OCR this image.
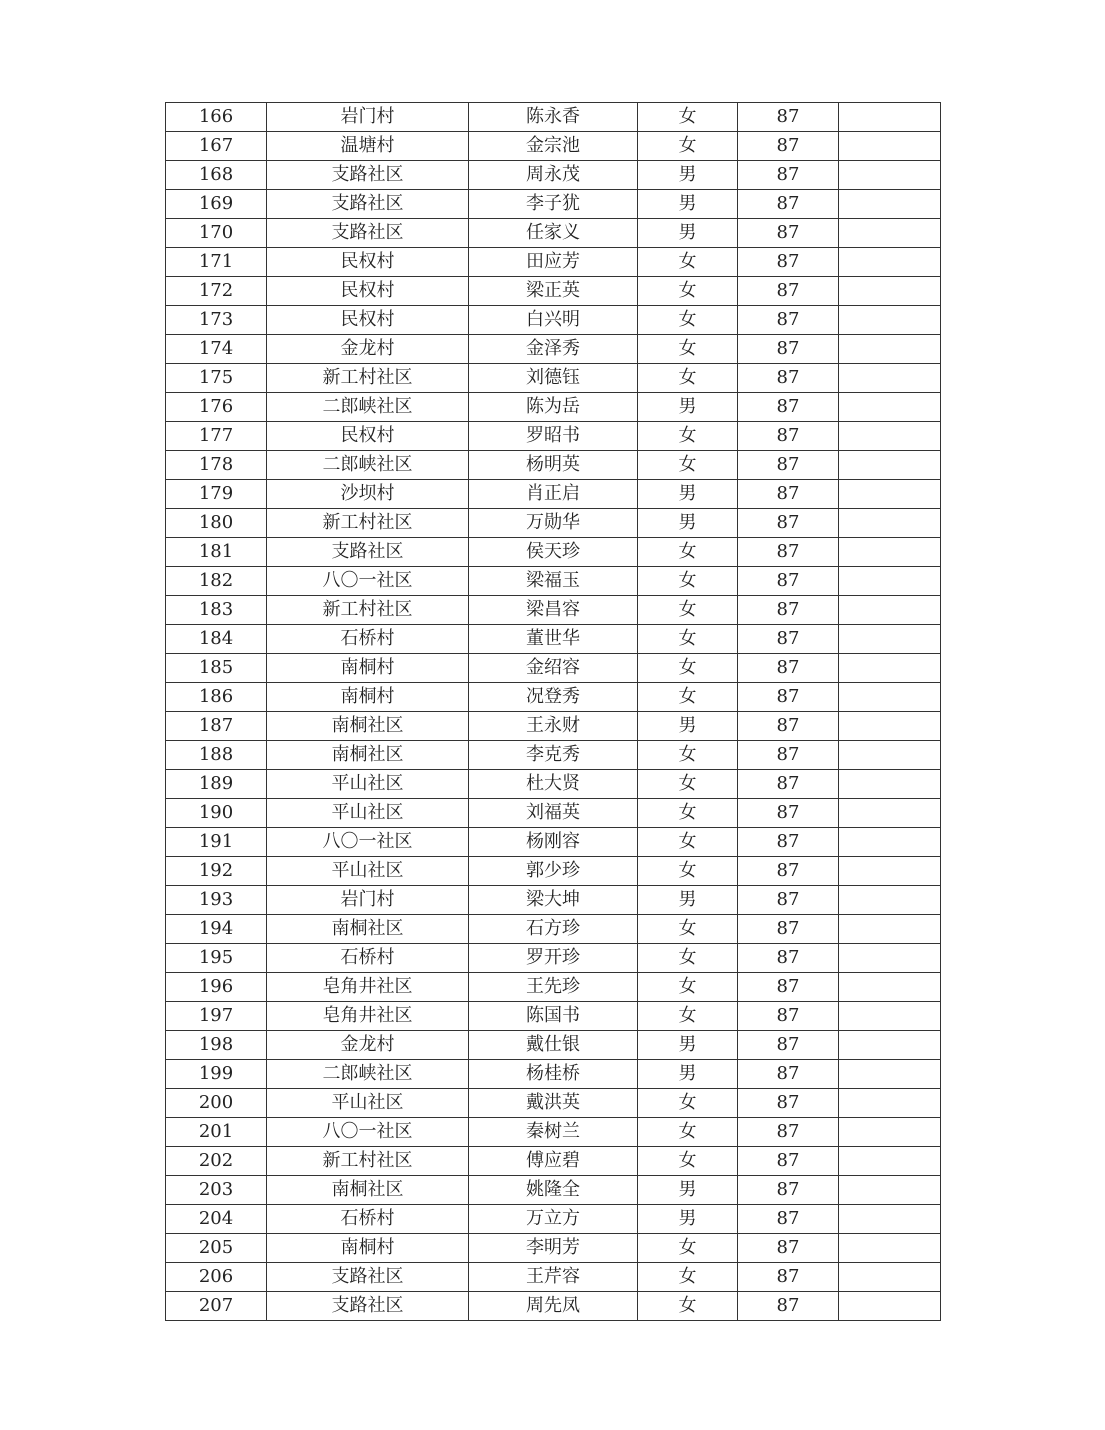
166	岩门村	陈永香	女	87	
167	温塘村	金宗池	女	87	
168	支路社区	周永茂	男	87	
169	支路社区	李子犹	男	87	
170	支路社区	任家义	男	87	
171	民权村	田应芳	女	87	
172	民权村	梁正英	女	87	
173	民权村	白兴明	女	87	
174	金龙村	金泽秀	女	87	
175	新工村社区	刘德钰	女	87	
176	二郎峡社区	陈为岳	男	87	
177	民权村	罗昭书	女	87	
178	二郎峡社区	杨明英	女	87	
179	沙坝村	肖正启	男	87	
180	新工村社区	万勋华	男	87	
181	支路社区	侯天珍	女	87	
182	八〇一社区	梁福玉	女	87	
183	新工村社区	梁昌容	女	87	
184	石桥村	董世华	女	87	
185	南桐村	金绍容	女	87	
186	南桐村	况登秀	女	87	
187	南桐社区	王永财	男	87	
188	南桐社区	李克秀	女	87	
189	平山社区	杜大贤	女	87	
190	平山社区	刘福英	女	87	
191	八〇一社区	杨刚容	女	87	
192	平山社区	郭少珍	女	87	
193	岩门村	梁大坤	男	87	
194	南桐社区	石方珍	女	87	
195	石桥村	罗开珍	女	87	
196	皂角井社区	王先珍	女	87	
197	皂角井社区	陈国书	女	87	
198	金龙村	戴仕银	男	87	
199	二郎峡社区	杨桂桥	男	87	
200	平山社区	戴洪英	女	87	
201	八〇一社区	秦树兰	女	87	
202	新工村社区	傅应碧	女	87	
203	南桐社区	姚隆全	男	87	
204	石桥村	万立方	男	87	
205	南桐村	李明芳	女	87	
206	支路社区	王芹容	女	87	
207	支路社区	周先凤	女	87	
